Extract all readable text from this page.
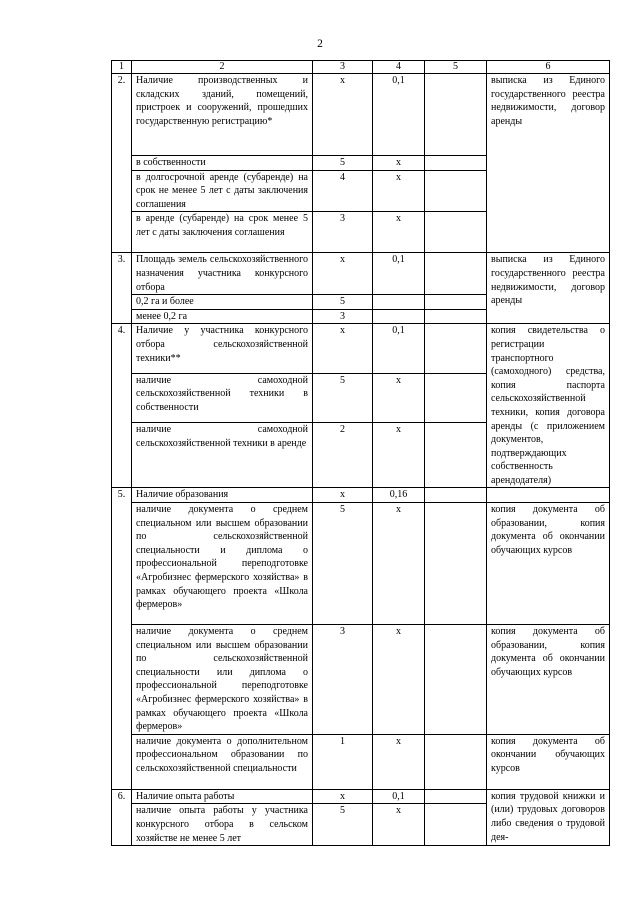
2
1	2	3	4	5	6
2.	Наличие производственных и складских зданий, помещений, пристроек и сооружений, прошедших государственную регистрацию*	х	0,1		выписка из Единого государственного реестра недвижимости, договор аренды
	в собственности	5	х		
	в долгосрочной аренде (субаренде) на срок не менее 5 лет с даты заключения соглашения	4	х		
	в аренде (субаренде) на срок менее 5 лет с даты заключения соглашения	3	х		
3.	Площадь земель сельскохозяйственного назначения участника конкурсного отбора	х	0,1		выписка из Единого государственного реестра недвижимости, договор аренды
	0,2 га и более	5			
	менее 0,2 га	3			
4.	Наличие у участника конкурсного отбора сельскохозяйственной техники**	х	0,1		копия свидетельства о регистрации транспортного (самоходного) средства, копия паспорта сельскохозяйственной техники, копия договора аренды (с приложением документов, подтверждающих собственность арендодателя)
	наличие самоходной сельскохозяйственной техники в собственности	5	х		
	наличие самоходной сельскохозяйственной техники в аренде	2	х		
5.	Наличие образования	х	0,16		
	наличие документа о среднем специальном или высшем образовании по сельскохозяйственной специальности и диплома о профессиональной переподготовке «Агробизнес фермерского хозяйства» в рамках обучающего проекта «Школа фермеров»	5	х		копия документа об образовании, копия документа об окончании обучающих курсов
	наличие документа о среднем специальном или высшем образовании по сельскохозяйственной специальности или диплома о профессиональной переподготовке «Агробизнес фермерского хозяйства» в рамках обучающего проекта «Школа фермеров»	3	х		копия документа об образовании, копия документа об окончании обучающих курсов
	наличие документа о дополнительном профессиональном образовании по сельскохозяйственной специальности	1	х		копия документа об окончании обучающих курсов
6.	Наличие опыта работы	х	0,1		копия трудовой книжки и (или) трудовых договоров либо сведения о трудовой дея-
	наличие опыта работы у участника конкурсного отбора в сельском хозяйстве не менее 5 лет	5	х		
